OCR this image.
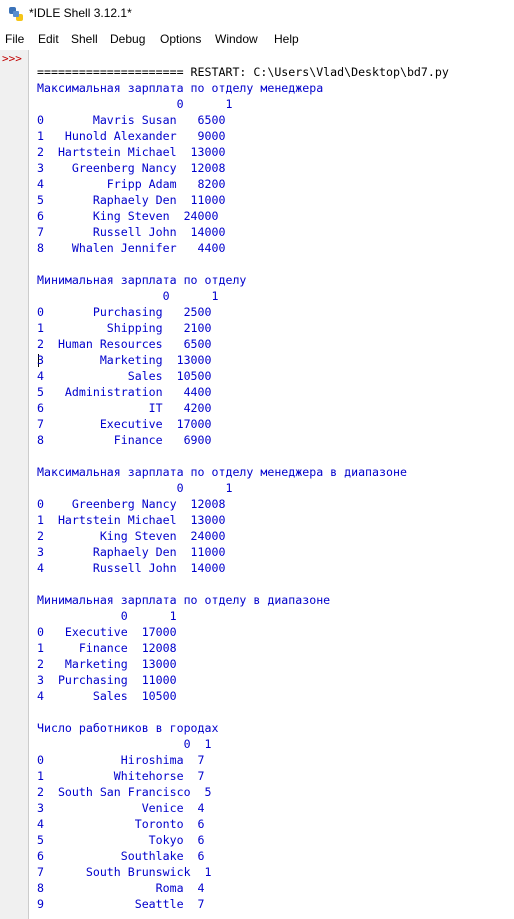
*IDLE Shell 3.12.1*
File Edit Shell Debug Options Window Help
>>>
===================== RESTART: C:\Users\Vlad\Desktop\bd7.py
Максимальная зарплата по отделу менеджера
0      1
0       Mavris Susan   6500
1   Hunold Alexander   9000
2  Hartstein Michael  13000
3    Greenberg Nancy  12008
4         Fripp Adam   8200
5       Raphaely Den  11000
6       King Steven  24000
7       Russell John  14000
8    Whalen Jennifer   4400
Минимальная зарплата по отделу
0      1
0       Purchasing   2500
1         Shipping   2100
2  Human Resources   6500
3        Marketing  13000
4            Sales  10500
5   Administration   4400
6               IT   4200
7        Executive  17000
8          Finance   6900
Максимальная зарплата по отделу менеджера в диапазоне
0      1
0    Greenberg Nancy  12008
1  Hartstein Michael  13000
2        King Steven  24000
3       Raphaely Den  11000
4       Russell John  14000
Минимальная зарплата по отделу в диапазоне
0      1
0   Executive  17000
1     Finance  12008
2   Marketing  13000
3  Purchasing  11000
4       Sales  10500
Число работников в городах
0  1
0           Hiroshima  7
1          Whitehorse  7
2  South San Francisco  5
3              Venice  4
4             Toronto  6
5               Tokyo  6
6           Southlake  6
7      South Brunswick  1
8                Roma  4
9             Seattle  7
